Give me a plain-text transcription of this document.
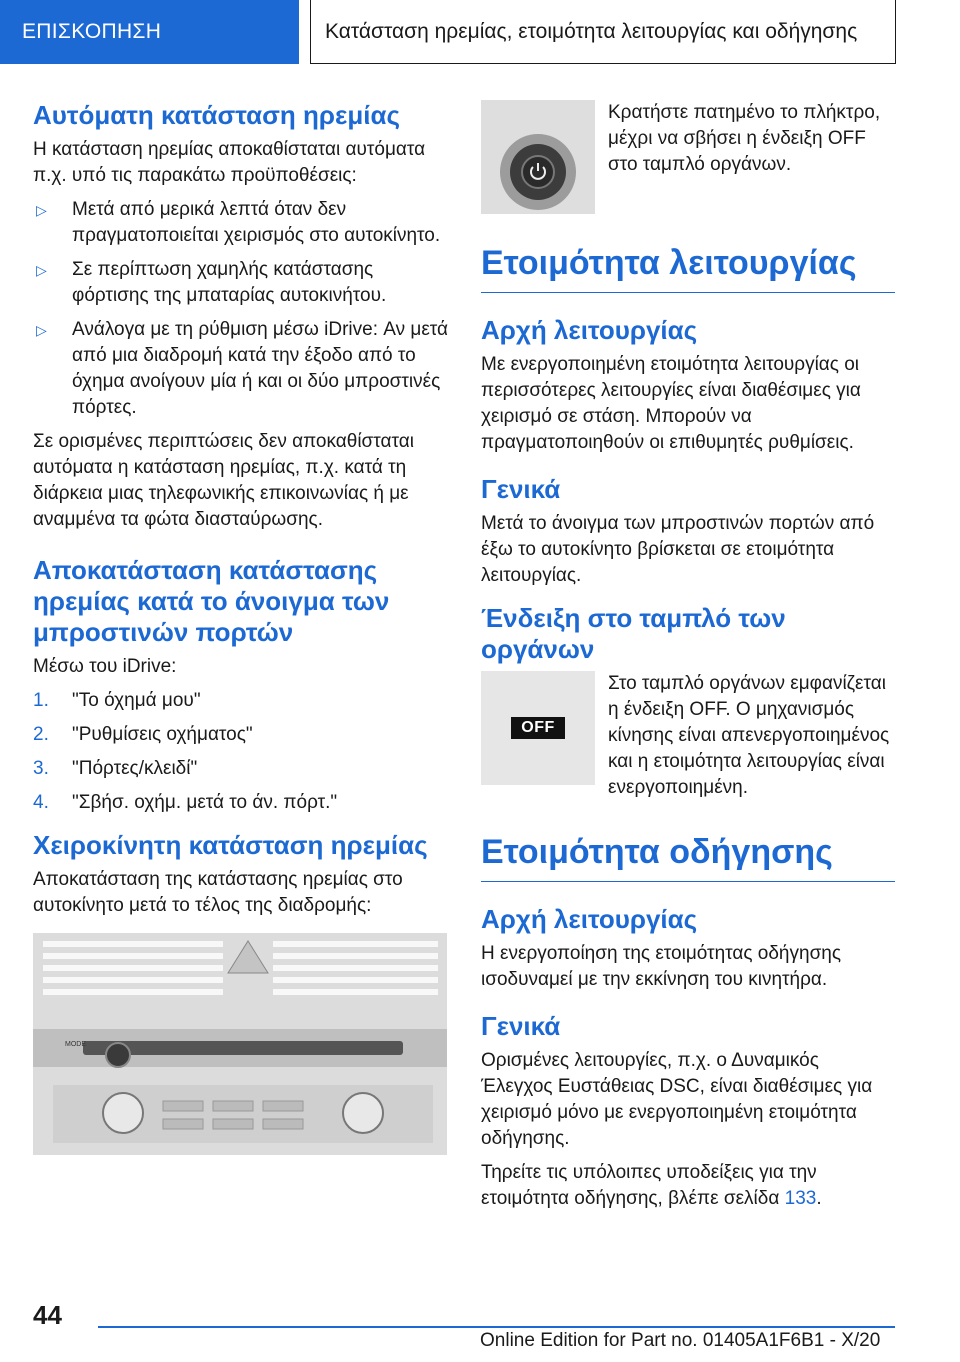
ΕΠΙΣΚΟΠΗΣΗ	Κατάσταση ηρεμίας, ετοιμότητα λειτουργίας και οδήγησης
Αυτόματη κατάσταση ηρεμίας

Η κατάσταση ηρεμίας αποκαθίσταται αυτόματα π.χ. υπό τις παρακάτω προϋποθέσεις:

▷ Μετά από μερικά λεπτά όταν δεν πραγματοποιείται χειρισμός στο αυτοκίνητο.
▷ Σε περίπτωση χαμηλής κατάστασης φόρτισης της μπαταρίας αυτοκινήτου.
▷ Ανάλογα με τη ρύθμιση μέσω iDrive: Αν μετά από μια διαδρομή κατά την έξοδο από το όχημα ανοίγουν μία ή και οι δύο μπροστινές πόρτες.

Σε ορισμένες περιπτώσεις δεν αποκαθίσταται αυτόματα η κατάσταση ηρεμίας, π.χ. κατά τη διάρκεια μιας τηλεφωνικής επικοινωνίας ή με αναμμένα τα φώτα διασταύρωσης.

Αποκατάσταση κατάστασης ηρεμίας κατά το άνοιγμα των μπροστινών πορτών

Μέσω του iDrive:

1. "Το όχημά μου"
2. "Ρυθμίσεις οχήματος"
3. "Πόρτες/κλειδί"
4. "Σβήσ. οχήμ. μετά το άν. πόρτ."
Χειροκίνητη κατάσταση ηρεμίας

Αποκατάσταση της κατάστασης ηρεμίας στο αυτοκίνητο μετά το τέλος της διαδρομής:

MODE

Κρατήστε πατημένο το πλήκτρο, μέχρι να σβήσει η ένδειξη OFF στο ταμπλό οργάνων.

Ετοιμότητα λειτουργίας
Αρχή λειτουργίας

Με ενεργοποιημένη ετοιμότητα λειτουργίας οι περισσότερες λειτουργίες είναι διαθέσιμες για χειρισμό σε στάση. Μπορούν να πραγματοποιηθούν οι επιθυμητές ρυθμίσεις.

Γενικά

Μετά το άνοιγμα των μπροστινών πορτών από έξω το αυτοκίνητο βρίσκεται σε ετοιμότητα λειτουργίας.

Ένδειξη στο ταμπλό των οργάνων
OFF

Στο ταμπλό οργάνων εμφανίζεται η ένδειξη OFF. Ο μηχανισμός κίνησης είναι απενεργοποιημένος και η ετοιμότητα λειτουργίας είναι ενεργοποιημένη.

Ετοιμότητα οδήγησης
Αρχή λειτουργίας

Η ενεργοποίηση της ετοιμότητας οδήγησης ισοδυναμεί με την εκκίνηση του κινητήρα.

Γενικά

Ορισμένες λειτουργίες, π.χ. ο Δυναμικός Έλεγχος Ευστάθειας DSC, είναι διαθέσιμες για χειρισμό μόνο με ενεργοποιημένη ετοιμότητα οδήγησης.

Τηρείτε τις υπόλοιπες υποδείξεις για την ετοιμότητα οδήγησης, βλέπε σελίδα 133.

44
Online Edition for Part no. 01405A1F6B1 - X/20
